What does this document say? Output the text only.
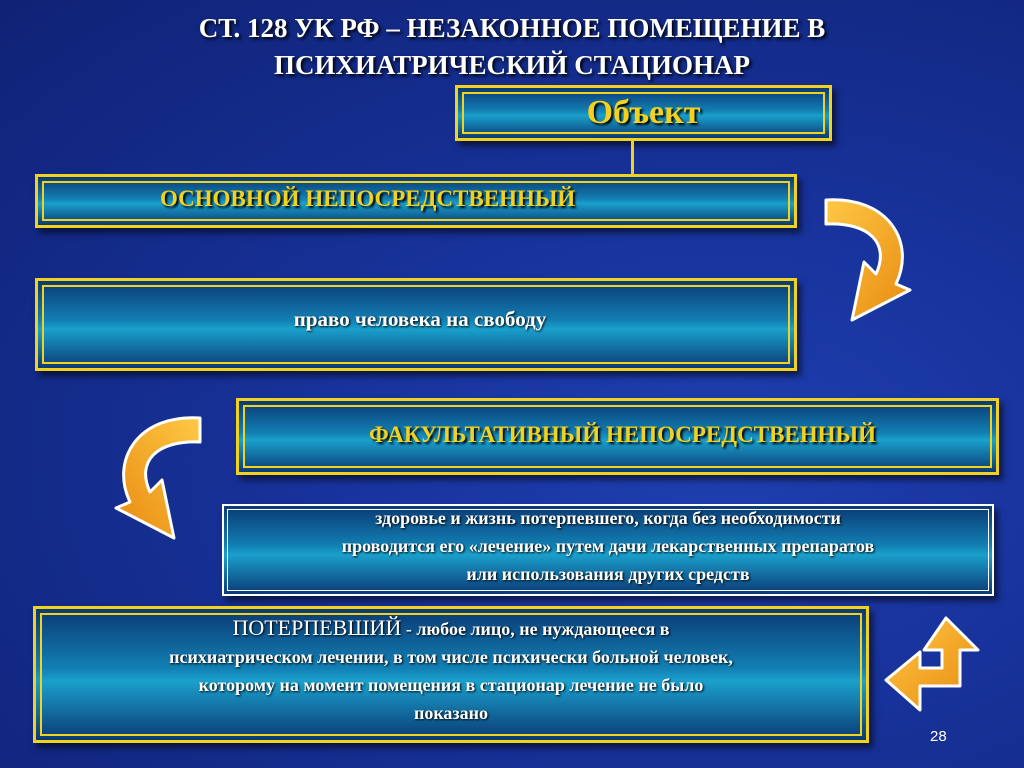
СТ. 128 УК РФ – НЕЗАКОННОЕ ПОМЕЩЕНИЕ В
ПСИХИАТРИЧЕСКИЙ СТАЦИОНАР
Объект
ОСНОВНОЙ НЕПОСРЕДСТВЕННЫЙ
право человека на свободу
ФАКУЛЬТАТИВНЫЙ НЕПОСРЕДСТВЕННЫЙ
здоровье и жизнь потерпевшего, когда без необходимости
проводится его «лечение» путем дачи лекарственных препаратов
или использования других средств
ПОТЕРПЕВШИЙ - любое лицо, не нуждающееся в
психиатрическом лечении, в том числе психически больной человек,
которому на момент помещения в стационар лечение не было
показано
28
